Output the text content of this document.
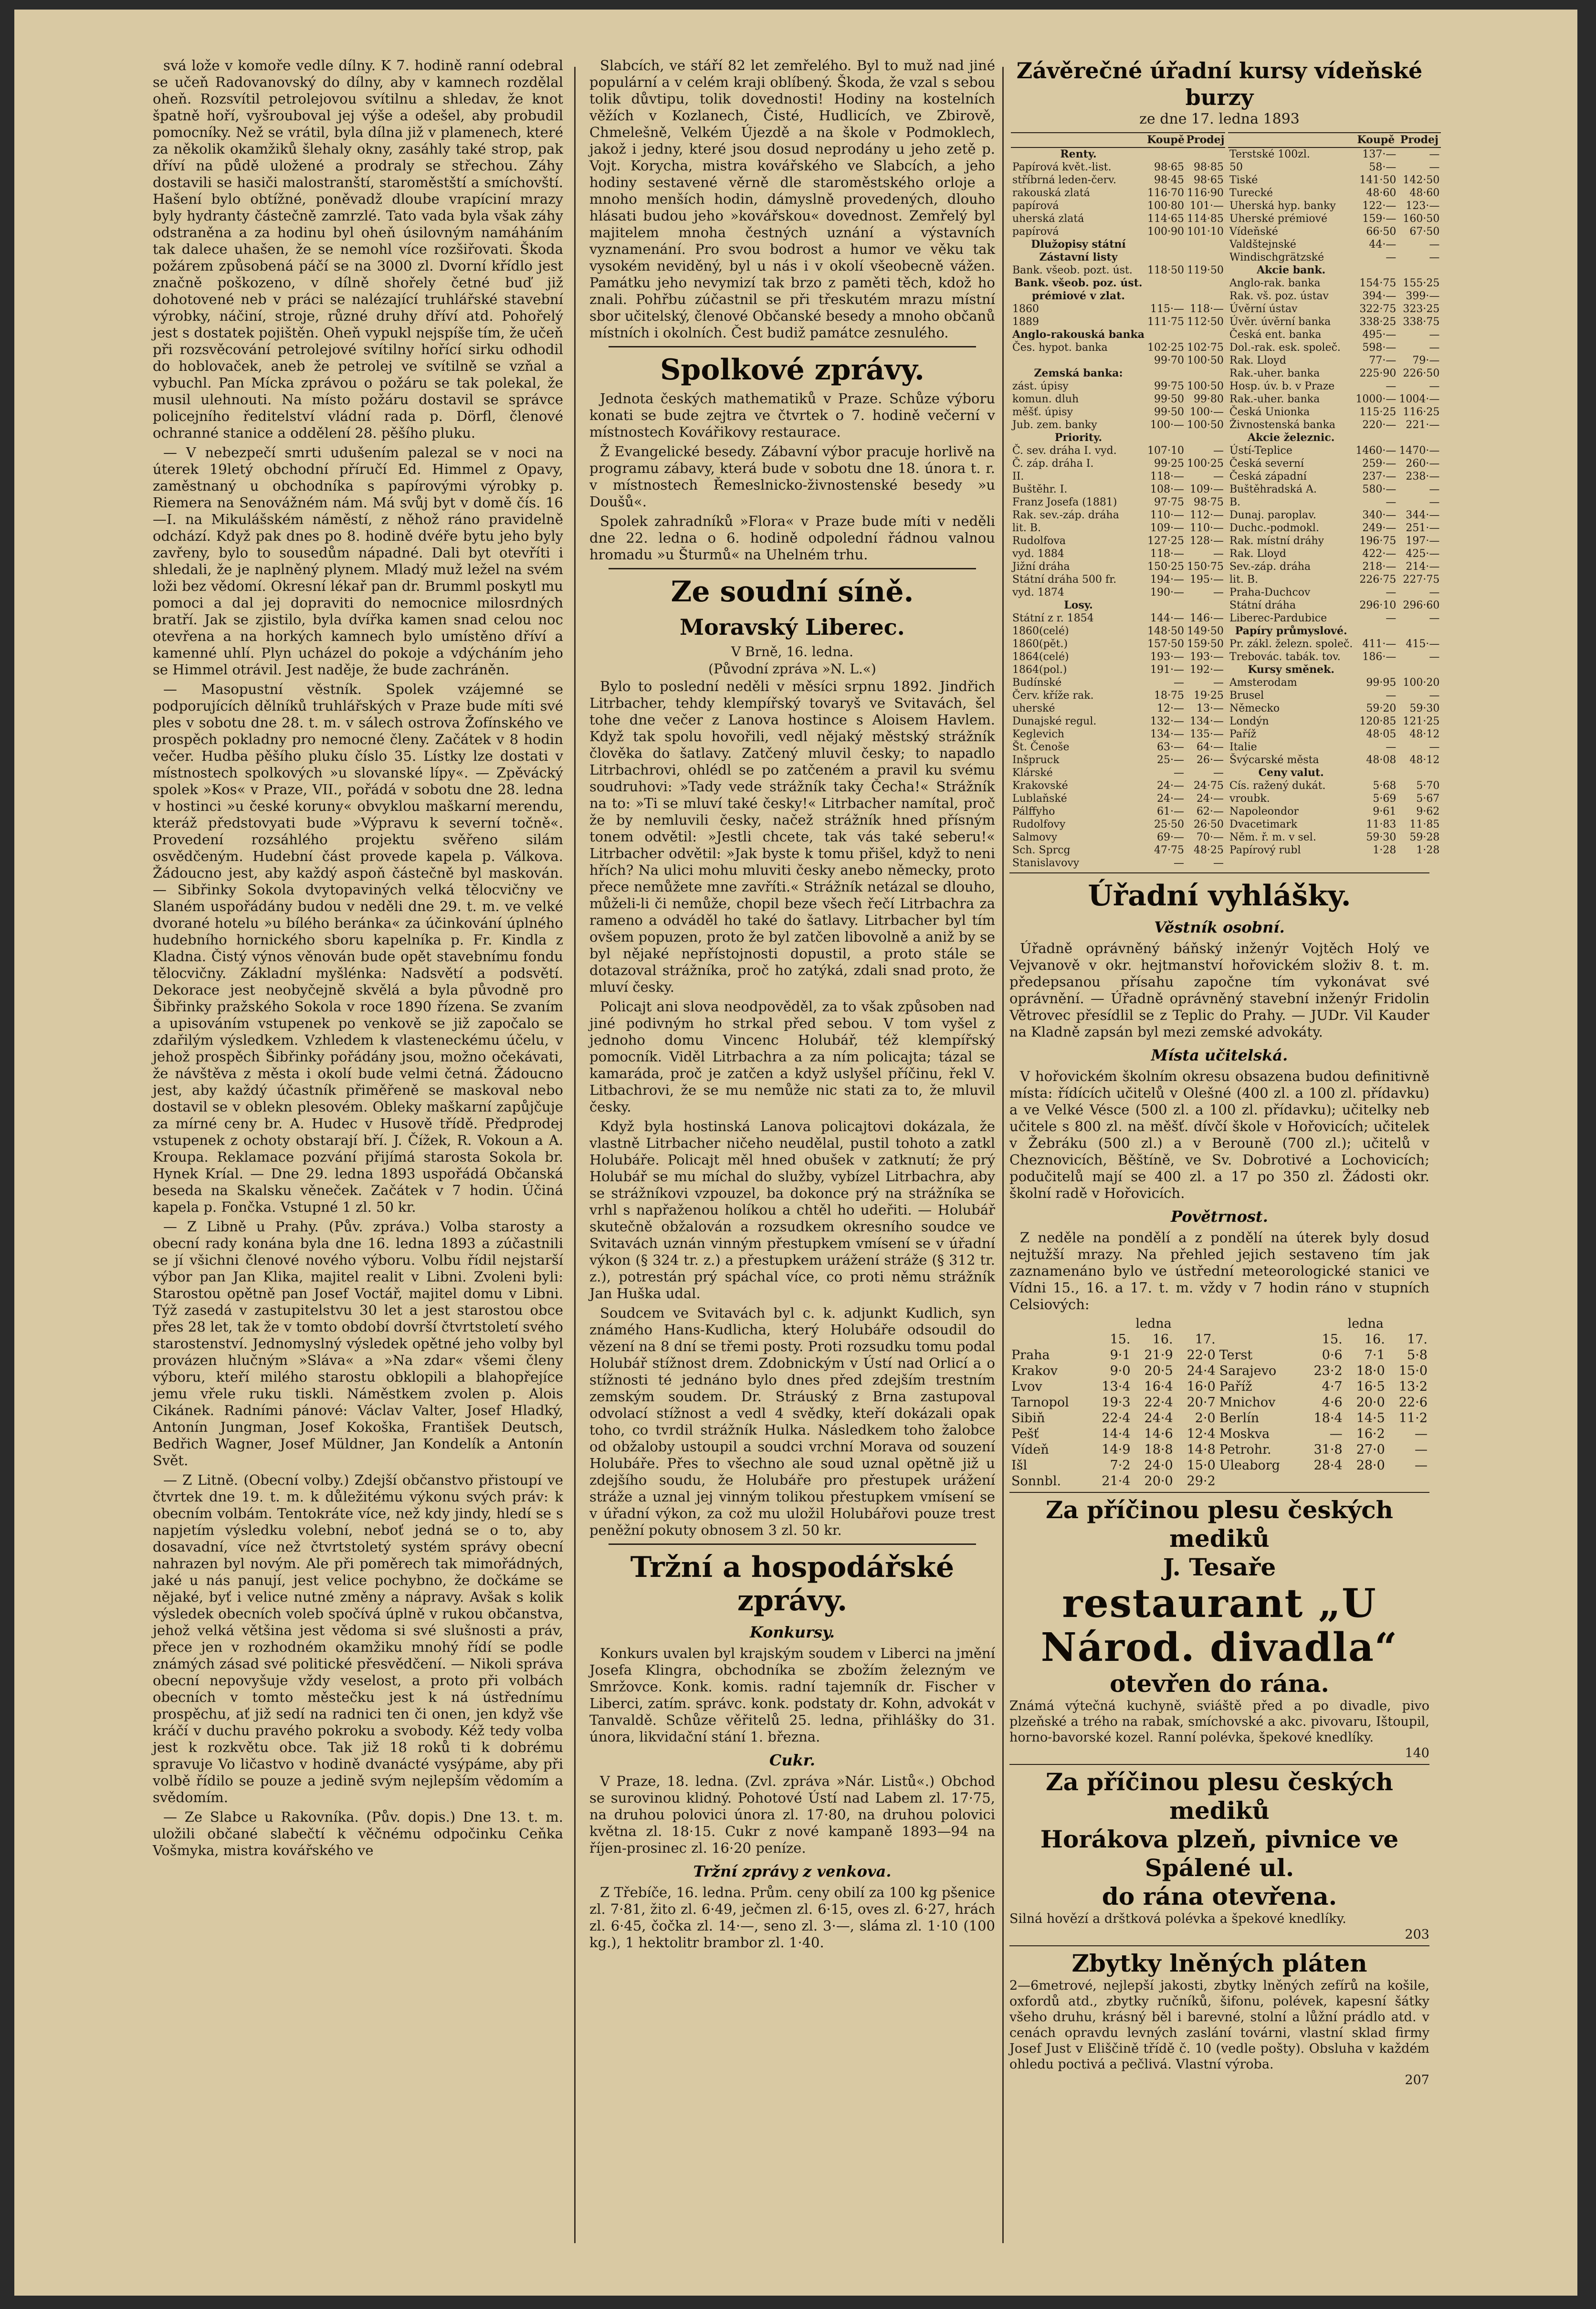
svá lože v komoře vedle dílny. K 7. hodině ranní odebral se učeň Radovanovský do dílny, aby v kamnech rozdělal oheň. Rozsvítil petrolejovou svítilnu a shledav, že knot špatně hoří, vyšrouboval jej výše a odešel, aby probudil pomocníky. Než se vrátil, byla dílna již v plamenech, které za několik okamžiků šlehaly okny, zasáhly také strop, pak dříví na půdě uložené a prodraly se střechou. Záhy dostavili se hasiči malostranští, staroměstští a smíchovští. Hašení bylo obtížné, poněvadž dloube vrapíciní mrazy byly hydranty částečně zamrzlé. Tato vada byla však záhy odstraněna a za hodinu byl oheň úsilovným namáháním tak dalece uhašen, že se nemohl více rozšiřovati. Škoda požárem způsobená páčí se na 3000 zl. Dvorní křídlo jest značně poškozeno, v dílně shořely četné buď již dohotovené neb v práci se nalézající truhlářské stavební výrobky, náčiní, stroje, různé druhy dříví atd. Pohořelý jest s dostatek pojištěn. Oheň vypukl nejspíše tím, že učeň při rozsvěcování petrolejové svítilny hořící sirku odhodil do hoblovaček, aneb že petrolej ve svítilně se vzňal a vybuchl. Pan Mícka zprávou o požáru se tak polekal, že musil ulehnouti. Na místo požáru dostavil se správce policejního ředitelství vládní rada p. Dörfl, členové ochranné stanice a oddělení 28. pěšího pluku.

— V nebezpečí smrti udušením palezal se v noci na úterek 19letý obchodní příručí Ed. Himmel z Opavy, zaměstnaný u obchodníka s papírovými výrobky p. Riemera na Senovážném nám. Má svůj byt v domě čís. 16—I. na Mikulášském náměstí, z něhož ráno pravidelně odchází. Když pak dnes po 8. hodině dvéře bytu jeho byly zavřeny, bylo to sousedům nápadné. Dali byt otevříti i shledali, že je naplněný plynem. Mladý muž ležel na svém loži bez vědomí. Okresní lékař pan dr. Brumml poskytl mu pomoci a dal jej dopraviti do nemocnice milosrdných bratří. Jak se zjistilo, byla dvířka kamen snad celou noc otevřena a na horkých kamnech bylo umístěno dříví a kamenné uhlí. Plyn ucházel do pokoje a vdýcháním jeho se Himmel otrávil. Jest naděje, že bude zachráněn.

— Masopustní věstník. Spolek vzájemné se podporujících dělníků truhlářských v Praze bude míti své ples v sobotu dne 28. t. m. v sálech ostrova Žofínského ve prospěch pokladny pro nemocné členy. Začátek v 8 hodin večer. Hudba pěšího pluku číslo 35. Lístky lze dostati v místnostech spolkových »u slovanské lípy«. — Zpěvácký spolek »Kos« v Praze, VII., pořádá v sobotu dne 28. ledna v hostinci »u české koruny« obvyklou maškarní merendu, kteráž předstovyati bude »Výpravu k severní točně«. Provedení rozsáhlého projektu svěřeno silám osvědčeným. Hudební část provede kapela p. Válkova. Žádoucno jest, aby každý aspoň částečně byl maskován. — Sibřinky Sokola dvytopaviných velká tělocvičny ve Slaném uspořádány budou v neděli dne 29. t. m. ve velké dvorané hotelu »u bílého beránka« za účinkování úplného hudebního hornického sboru kapelníka p. Fr. Kindla z Kladna. Čistý výnos věnován bude opět stavebnímu fondu tělocvičny. Základní myšlénka: Nadsvětí a podsvětí. Dekorace jest neobyčejně skvělá a byla původně pro Šibřinky pražského Sokola v roce 1890 řízena. Se zvaním a upisováním vstupenek po venkově se již započalo se zdařilým výsledkem. Vzhledem k vlasteneckému účelu, v jehož prospěch Šibřinky pořádány jsou, možno očekávati, že návštěva z města i okolí bude velmi četná. Žádoucno jest, aby každý účastník přiměřeně se maskoval nebo dostavil se v oblekn plesovém. Obleky maškarní zapůjčuje za mírné ceny br. A. Hudec v Husově třídě. Předprodej vstupenek z ochoty obstarají bří. J. Čížek, R. Vokoun a A. Kroupa. Reklamace pozvání přijímá starosta Sokola br. Hynek Kríal. — Dne 29. ledna 1893 uspořádá Občanská beseda na Skalsku věneček. Začátek v 7 hodin. Účiná kapela p. Fončka. Vstupné 1 zl. 50 kr.

— Z Libně u Prahy. (Pův. zpráva.) Volba starosty a obecní rady konána byla dne 16. ledna 1893 a zúčastnili se jí všichni členové nového výboru. Volbu řídil nejstarší výbor pan Jan Klika, majitel realit v Libni. Zvoleni byli: Starostou opětně pan Josef Voctář, majitel domu v Libni. Týž zasedá v zastupitelstvu 30 let a jest starostou obce přes 28 let, tak že v tomto období dovrší čtvrtstoletí svého starostenství. Jednomyslný výsledek opětné jeho volby byl provázen hlučným »Sláva« a »Na zdar« všemi členy výboru, kteří milého starostu obklopili a blahopřejíce jemu vřele ruku tiskli. Náměstkem zvolen p. Alois Cikánek. Radními pánové: Václav Valter, Josef Hladký, Antonín Jungman, Josef Kokoška, František Deutsch, Bedřich Wagner, Josef Müldner, Jan Kondelík a Antonín Svět.

— Z Litně. (Obecní volby.) Zdejší občanstvo přistoupí ve čtvrtek dne 19. t. m. k důležitému výkonu svých práv: k obecním volbám. Tentokráte více, než kdy jindy, hledí se s napjetím výsledku volební, neboť jedná se o to, aby dosavadní, více než čtvrtstoletý systém správy obecní nahrazen byl novým. Ale při poměrech tak mimořádných, jaké u nás panují, jest velice pochybno, že dočkáme se nějaké, byť i velice nutné změny a nápravy. Avšak s kolik výsledek obecních voleb spočívá úplně v rukou občanstva, jehož velká většina jest vědoma si své slušnosti a práv, přece jen v rozhodném okamžiku mnohý řídí se podle známých zásad své politické přesvědčení. — Nikoli správa obecní nepovyšuje vždy veselost, a proto při volbách obecních v tomto městečku jest k ná ústřednímu prospěchu, ať již sedí na radnici ten či onen, jen když vše kráčí v duchu pravého pokroku a svobody. Kéž tedy volba jest k rozkvětu obce. Tak již 18 roků ti k dobrému spravuje Vo ličastvo v hodině dvanácté vysýpáme, aby při volbě řídilo se pouze a jedině svým nejlepším vědomím a svědomím.

— Ze Slabce u Rakovníka. (Pův. dopis.) Dne 13. t. m. uložili občané slabečtí k věčnému odpočinku Ceňka Vošmyka, mistra kovářského ve

Slabcích, ve stáří 82 let zemřelého. Byl to muž nad jiné populární a v celém kraji oblíbený. Škoda, že vzal s sebou tolik důvtipu, tolik dovednosti! Hodiny na kostelních věžích v Kozlanech, Čisté, Hudlicích, ve Zbirově, Chmelešně, Velkém Újezdě a na škole v Podmoklech, jakož i jedny, které jsou dosud neprodány u jeho zetě p. Vojt. Korycha, mistra kovářského ve Slabcích, a jeho hodiny sestavené věrně dle staroměstského orloje a mnoho menších hodin, dámyslně provedených, dlouho hlásati budou jeho »kovářskou« dovednost. Zemřelý byl majitelem mnoha čestných uznání a výstavních vyznamenání. Pro svou bodrost a humor ve věku tak vysokém neviděný, byl u nás i v okolí všeobecně vážen. Památku jeho nevymizí tak brzo z paměti těch, kdož ho znali. Pohřbu zúčastnil se při třeskutém mrazu místní sbor učitelský, členové Občanské besedy a mnoho občanů místních i okolních. Čest budiž památce zesnulého.

Spolkové zprávy.

Jednota českých mathematiků v Praze. Schůze výboru konati se bude zejtra ve čtvrtek o 7. hodině večerní v místnostech Kovářikovy restaurace.

Ž Evangelické besedy. Zábavní výbor pracuje horlivě na programu zábavy, která bude v sobotu dne 18. února t. r. v místnostech Řemeslnicko-živnostenské besedy »u Doušů«.

Spolek zahradníků »Flora« v Praze bude míti v neděli dne 22. ledna o 6. hodině odpolední řádnou valnou hromadu »u Šturmů« na Uhelném trhu.

Ze soudní síně.
Moravský Liberec.
V Brně, 16. ledna.
(Původní zpráva »N. L.«)

Bylo to poslední neděli v měsíci srpnu 1892. Jindřich Litrbacher, tehdy klempířský tovaryš ve Svitavách, šel tohe dne večer z Lanova hostince s Aloisem Havlem. Když tak spolu hovořili, vedl nějaký městský strážník člověka do šatlavy. Zatčený mluvil česky; to napadlo Litrbachrovi, ohlédl se po zatčeném a pravil ku svému soudruhovi: »Tady vede strážník taky Čecha!« Strážník na to: »Ti se mluví také česky!« Litrbacher namítal, proč že by nemluvili česky, načež strážník hned přísným tonem odvětil: »Jestli chcete, tak vás také seberu!« Litrbacher odvětil: »Jak byste k tomu přišel, když to neni hřích? Na ulici mohu mluviti česky anebo německy, proto přece nemůžete mne zavříti.« Strážník netázal se dlouho, můželi-li či nemůže, chopil beze všech řečí Litrbachra za rameno a odváděl ho také do šatlavy. Litrbacher byl tím ovšem popuzen, proto že byl zatčen libovolně a aniž by se byl nějaké nepřístojnosti dopustil, a proto stále se dotazoval strážníka, proč ho zatýká, zdali snad proto, že mluví česky.

Policajt ani slova neodpověděl, za to však způsoben nad jiné podivným ho strkal před sebou. V tom vyšel z jednoho domu Vincenc Holubář, též klempířský pomocník. Viděl Litrbachra a za ním policajta; tázal se kamaráda, proč je zatčen a když uslyšel příčinu, řekl V. Litbachrovi, že se mu nemůže nic stati za to, že mluvil česky.

Když byla hostinská Lanova policajtovi dokázala, že vlastně Litrbacher ničeho neudělal, pustil tohoto a zatkl Holubáře. Policajt měl hned obušek v zatknutí; že prý Holubář se mu míchal do služby, vybízel Litrbachra, aby se strážníkovi vzpouzel, ba dokonce prý na strážníka se vrhl s napřaženou holíkou a chtěl ho udeřiti. — Holubář skutečně obžalován a rozsudkem okresního soudce ve Svitavách uznán vinným přestupkem vmísení se v úřadní výkon (§ 324 tr. z.) a přestupkem urážení stráže (§ 312 tr. z.), potrestán prý spáchal více, co proti němu strážník Jan Huška udal.

Soudcem ve Svitavách byl c. k. adjunkt Kudlich, syn známého Hans-Kudlicha, který Holubáře odsoudil do vězení na 8 dní se třemi posty. Proti rozsudku tomu podal Holubář stížnost drem. Zdobnickým v Ústí nad Orlicí a o stížnosti té jednáno bylo dnes před zdejším trestním zemským soudem. Dr. Stráuský z Brna zastupoval odvolací stížnost a vedl 4 svědky, kteří dokázali opak toho, co tvrdil strážník Hulka. Následkem toho žalobce od obžaloby ustoupil a soudci vrchní Morava od souzení Holubáře. Přes to všechno ale soud uznal opětně již u zdejšího soudu, že Holubáře pro přestupek urážení stráže a uznal jej vinným tolikou přestupkem vmísení se v úřadní výkon, za což mu uložil Holubářovi pouze trest peněžní pokuty obnosem 3 zl. 50 kr.

Tržní a hospodářské zprávy.
Konkursy.

Konkurs uvalen byl krajským soudem v Liberci na jmění Josefa Klingra, obchodníka se zbožím železným ve Smržovce. Konk. komis. radní tajemník dr. Fischer v Liberci, zatím. správc. konk. podstaty dr. Kohn, advokát v Tanvaldě. Schůze věřitelů 25. ledna, přihlášky do 31. února, likvidační stání 1. března.

Cukr.

V Praze, 18. ledna. (Zvl. zpráva »Nár. Listů«.) Obchod se surovinou klidný. Pohotové Ústí nad Labem zl. 17·75, na druhou polovici února zl. 17·80, na druhou polovici května zl. 18·15. Cukr z nové kampaně 1893—94 na říjen-prosinec zl. 16·20 peníze.

Tržní zprávy z venkova.

Z Třebíče, 16. ledna. Prům. ceny obilí za 100 kg pšenice zl. 7·81, žito zl. 6·49, ječmen zl. 6·15, oves zl. 6·27, hrách zl. 6·45, čočka zl. 14·—, seno zl. 3·—, sláma zl. 1·10 (100 kg.), 1 hektolitr brambor zl. 1·40.

Závěrečné úřadní kursy vídeňské burzy
ze dne 17. ledna 1893
	Koupě	Prodej
Renty.		
Papírová květ.-list.	98·65	98·85
stříbrná leden-červ.	98·45	98·65
rakouská zlatá	116·70	116·90
papírová	100·80	101·—
uherská zlatá	114·65	114·85
papírová	100·90	101·10
Dlužopisy státní		
Zástavní listy		
Bank. všeob. pozt. úst.	118·50	119·50
Bank. všeob. poz. úst.		
prémiové v zlat.		
1860	115·—	118·—
1889	111·75	112·50
Anglo-rakouská banka		
Čes. hypot. banka	102·25	102·75
	99·70	100·50
Zemská banka:		
zást. úpisy	99·75	100·50
komun. dluh	99·50	99·80
měšť. úpisy	99·50	100·—
Jub. zem. banky	100·—	100·50
Priority.		
Č. sev. dráha I. vyd.	107·10	—
Č. záp. dráha I.	99·25	100·25
II.	118·—	—
Buštěhr. I.	108·—	109·—
Franz Josefa (1881)	97·75	98·75
Rak. sev.-záp. dráha	110·—	112·—
lit. B.	109·—	110·—
Rudolfova	127·25	128·—
vyd. 1884	118·—	—
Jižní dráha	150·25	150·75
Státní dráha 500 fr.	194·—	195·—
vyd. 1874	190·—	—
Losy.		
Státní z r. 1854	144·—	146·—
1860(celé)	148·50	149·50
1860(pět.)	157·50	159·50
1864(celé)	193·—	193·—
1864(pol.)	191·—	192·—
Budínské	—	—
Červ. kříže rak.	18·75	19·25
uherské	12·—	13·—
Dunajské regul.	132·—	134·—
Keglevich	134·—	135·—
Št. Čenoše	63·—	64·—
Inšpruck	25·—	26·—
Klárské	—	—
Krakovské	24·—	24·75
Lublaňské	24·—	24·—
Pálffyho	61·—	62·—
Rudolfovy	25·50	26·50
Salmovy	69·—	70·—
Sch. Sprcg	47·75	48·25
Stanislavovy	—	—

	Koupě	Prodej
Terstské 100zl.	137·—	—
50	58·—	—
Tiské	141·50	142·50
Turecké	48·60	48·60
Uherská hyp. banky	122·—	123·—
Uherské prémiové	159·—	160·50
Vídeňské	66·50	67·50
Valdštejnské	44·—	—
Windischgrätzské	—	—
Akcie bank.		
Anglo-rak. banka	154·75	155·25
Rak. vš. poz. ústav	394·—	399·—
Úvěrní ústav	322·75	323·25
Úvěr. úvěrní banka	338·25	338·75
Česká ent. banka	495·—	—
Dol.-rak. esk. společ.	598·—	—
Rak. Lloyd	77·—	79·—
Rak.-uher. banka	225·90	226·50
Hosp. úv. b. v Praze	—	—
Rak.-uher. banka	1000·—	1004·—
Česká Unionka	115·25	116·25
Živnostenská banka	220·—	221·—
Akcie železnic.		
Ústí-Teplice	1460·—	1470·—
Česká severní	259·—	260·—
Česká západní	237·—	238·—
Buštěhradská A.	580·—	—
B.	—	—
Dunaj. paroplav.	340·—	344·—
Duchc.-podmokl.	249·—	251·—
Rak. místní dráhy	196·75	197·—
Rak. Lloyd	422·—	425·—
Sev.-záp. dráha	218·—	214·—
lit. B.	226·75	227·75
Praha-Duchcov	—	—
Státní dráha	296·10	296·60
Liberec-Pardubice	—	—
Papíry průmyslové.		
Pr. zákl. železn. společ.	411·—	415·—
Trebovác. tabák. tov.	186·—	—
Kursy směnek.		
Amsterodam	99·95	100·20
Brusel	—	—
Německo	59·20	59·30
Londýn	120·85	121·25
Paříž	48·05	48·12
Italie	—	—
Švýcarské města	48·08	48·12
Ceny valut.		
Cís. ražený dukát.	5·68	5·70
vroubk.	5·69	5·67
Napoleondor	9·61	9·62
Dvacetimark	11·83	11·85
Něm. ř. m. v sel.	59·30	59·28
Papírový rubl	1·28	1·28
Úřadní vyhlášky.
Věstník osobní.

Úřadně oprávněný báňský inženýr Vojtěch Holý ve Vejvanově v okr. hejtmanství hořovickém složiv 8. t. m. předepsanou přísahu započne tím vykonávat své oprávnění. — Úřadně oprávněný stavební inženýr Fridolin Větrovec přesídlil se z Teplic do Prahy. — JUDr. Vil Kauder na Kladně zapsán byl mezi zemské advokáty.

Místa učitelská.

V hořovickém školním okresu obsazena budou definitivně místa: řídících učitelů v Olešné (400 zl. a 100 zl. přídavku) a ve Velké Vésce (500 zl. a 100 zl. přídavku); učitelky neb učitele s 800 zl. na měšť. dívčí škole v Hořovicích; učitelek v Žebráku (500 zl.) a v Berouně (700 zl.); učitelů v Cheznovicích, Běštíně, ve Sv. Dobrotivé a Lochovicích; podučitelů mají se 400 zl. a 17 po 350 zl. Žádosti okr. školní radě v Hořovicích.

Povětrnost.

Z neděle na pondělí a z pondělí na úterek byly dosud nejtužší mrazy. Na přehled jejich sestaveno tím jak zaznamenáno bylo ve ústřední meteorologické stanici ve Vídni 15., 16. a 17. t. m. vždy v 7 hodin ráno v stupních Celsiových:

	ledna				ledna		
	15.	16.	17.		15.	16.	17.
Praha	9·1	21·9	22·0	Terst	0·6	7·1	5·8
Krakov	9·0	20·5	24·4	Sarajevo	23·2	18·0	15·0
Lvov	13·4	16·4	16·0	Paříž	4·7	16·5	13·2
Tarnopol	19·3	22·4	20·7	Mnichov	4·6	20·0	22·6
Sibiň	22·4	24·4	2·0	Berlín	18·4	14·5	11·2
Pešť	14·4	14·6	12·4	Moskva	—	16·2	—
Vídeň	14·9	18·8	14·8	Petrohr.	31·8	27·0	—
Išl	7·2	24·0	15·0	Uleaborg	28·4	28·0	—
Sonnbl.	21·4	20·0	29·2				
Za příčinou plesu českých mediků
J. Tesaře
restaurant „U Národ. divadla“
otevřen do rána.
Známá výtečná kuchyně, sviáště před a po divadle, pivo plzeňské a trého na rabak, smíchovské a akc. pivovaru, Ištoupil, horno-bavorské kozel. Ranní polévka, špekové knedlíky.
140
Za příčinou plesu českých mediků
Horákova plzeň, pivnice ve Spálené ul.
do rána otevřena.
Silná hovězí a drštková polévka a špekové knedlíky.
203
Zbytky lněných pláten
2—6metrové, nejlepší jakosti, zbytky lněných zefírů na košile, oxfordů atd., zbytky ručníků, šifonu, polévek, kapesní šátky všeho druhu, krásný běl i barevné, stolní a lůžní prádlo atd. v cenách opravdu levných zaslání továrni, vlastní sklad firmy Josef Just v Eliščině třídě č. 10 (vedle pošty). Obsluha v každém ohledu poctivá a pečlivá. Vlastní výroba.
207
